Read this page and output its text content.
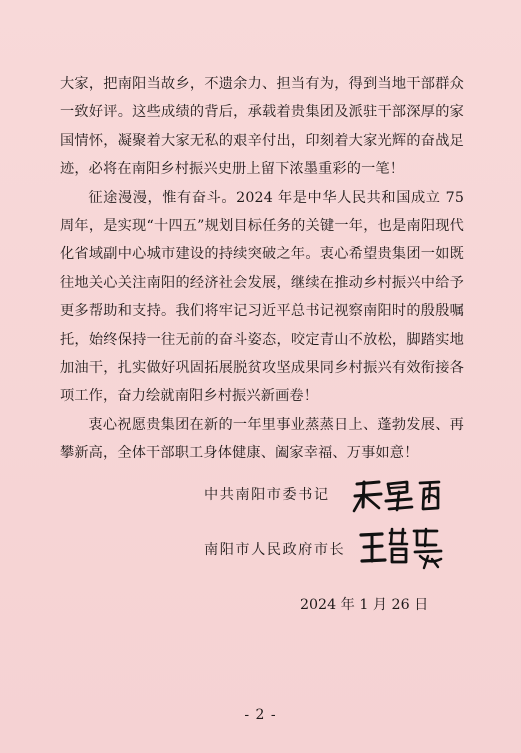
大家，把南阳当故乡，不遗余力、担当有为，得到当地干部群众一致好评。这些成绩的背后，承载着贵集团及派驻干部深厚的家国情怀，凝聚着大家无私的艰辛付出，印刻着大家光辉的奋战足迹，必将在南阳乡村振兴史册上留下浓墨重彩的一笔！

征途漫漫，惟有奋斗。2024 年是中华人民共和国成立 75 周年，是实现“十四五”规划目标任务的关键一年，也是南阳现代化省域副中心城市建设的持续突破之年。衷心希望贵集团一如既往地关心关注南阳的经济社会发展，继续在推动乡村振兴中给予更多帮助和支持。我们将牢记习近平总书记视察南阳时的殷殷嘱托，始终保持一往无前的奋斗姿态，咬定青山不放松，脚踏实地加油干，扎实做好巩固拓展脱贫攻坚成果同乡村振兴有效衔接各项工作，奋力绘就南阳乡村振兴新画卷！

衷心祝愿贵集团在新的一年里事业蒸蒸日上、蓬勃发展、再攀新高，全体干部职工身体健康、阖家幸福、万事如意！

中共南阳市委书记
南阳市人民政府市长
2024 年 1 月 26 日
- 2 -
